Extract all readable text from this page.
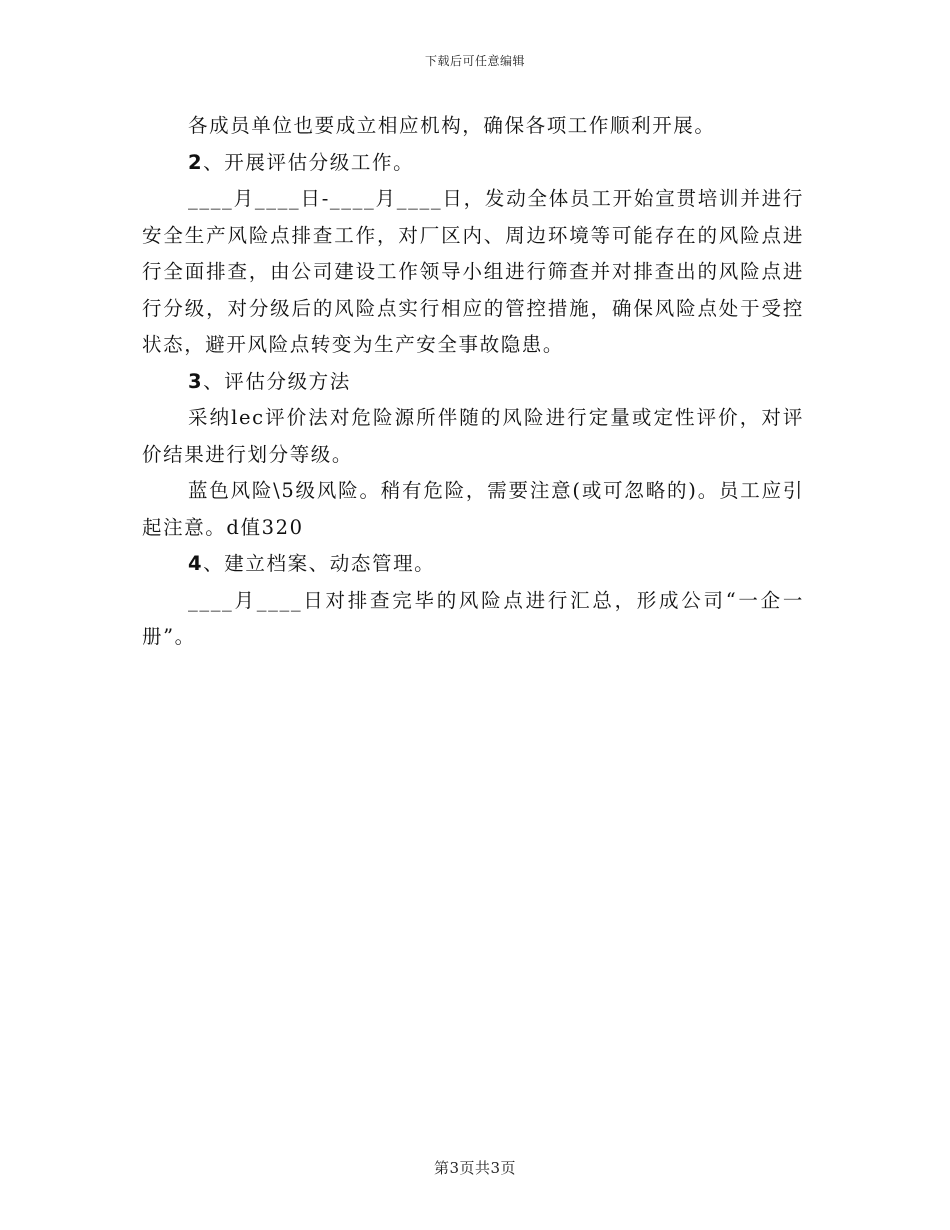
下载后可任意编辑

各成员单位也要成立相应机构，确保各项工作顺利开展。

2、开展评估分级工作。

____月____日-____月____日，发动全体员工开始宣贯培训并进行安全生产风险点排查工作，对厂区内、周边环境等可能存在的风险点进行全面排查，由公司建设工作领导小组进行筛查并对排查出的风险点进行分级，对分级后的风险点实行相应的管控措施，确保风险点处于受控状态，避开风险点转变为生产安全事故隐患。

3、评估分级方法

采纳lec评价法对危险源所伴随的风险进行定量或定性评价，对评价结果进行划分等级。

蓝色风险\5级风险。稍有危险，需要注意(或可忽略的)。员工应引起注意。d值320

4、建立档案、动态管理。

____月____日对排查完毕的风险点进行汇总，形成公司“一企一册”。

第3页共3页
